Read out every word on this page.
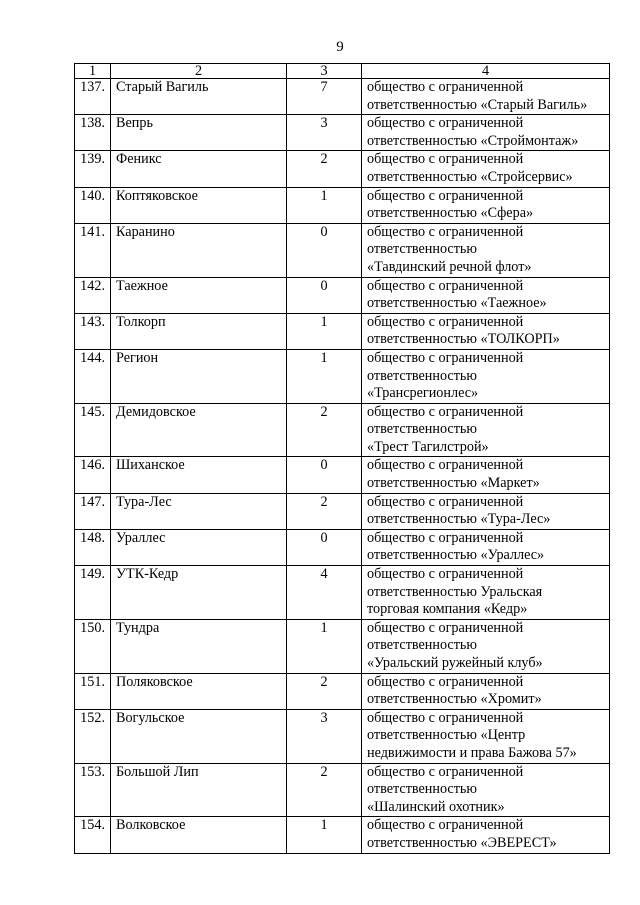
9
1	2	3	4
137.	Старый Вагиль	7	общество с ограниченной
ответственностью «Старый Вагиль»

138.	Вепрь	3	общество с ограниченной
ответственностью «Строймонтаж»

139.	Феникс	2	общество с ограниченной
ответственностью «Стройсервис»

140.	Коптяковское	1	общество с ограниченной
ответственностью «Сфера»

141.	Каранино	0	общество с ограниченной
ответственностью
«Тавдинский речной флот»

142.	Таежное	0	общество с ограниченной
ответственностью «Таежное»

143.	Толкорп	1	общество с ограниченной
ответственностью «ТОЛКОРП»

144.	Регион	1	общество с ограниченной
ответственностью
«Трансрегионлес»

145.	Демидовское	2	общество с ограниченной
ответственностью
«Трест Тагилстрой»

146.	Шиханское	0	общество с ограниченной
ответственностью «Маркет»

147.	Тура-Лес	2	общество с ограниченной
ответственностью «Тура-Лес»

148.	Ураллес	0	общество с ограниченной
ответственностью «Ураллес»

149.	УТК-Кедр	4	общество с ограниченной
ответственностью Уральская
торговая компания «Кедр»

150.	Тундра	1	общество с ограниченной
ответственностью
«Уральский ружейный клуб»

151.	Поляковское	2	общество с ограниченной
ответственностью «Хромит»

152.	Вогульское	3	общество с ограниченной
ответственностью «Центр
недвижимости и права Бажова 57»

153.	Большой Лип	2	общество с ограниченной
ответственностью
«Шалинский охотник»

154.	Волковское	1	общество с ограниченной
ответственностью «ЭВЕРЕСТ»
